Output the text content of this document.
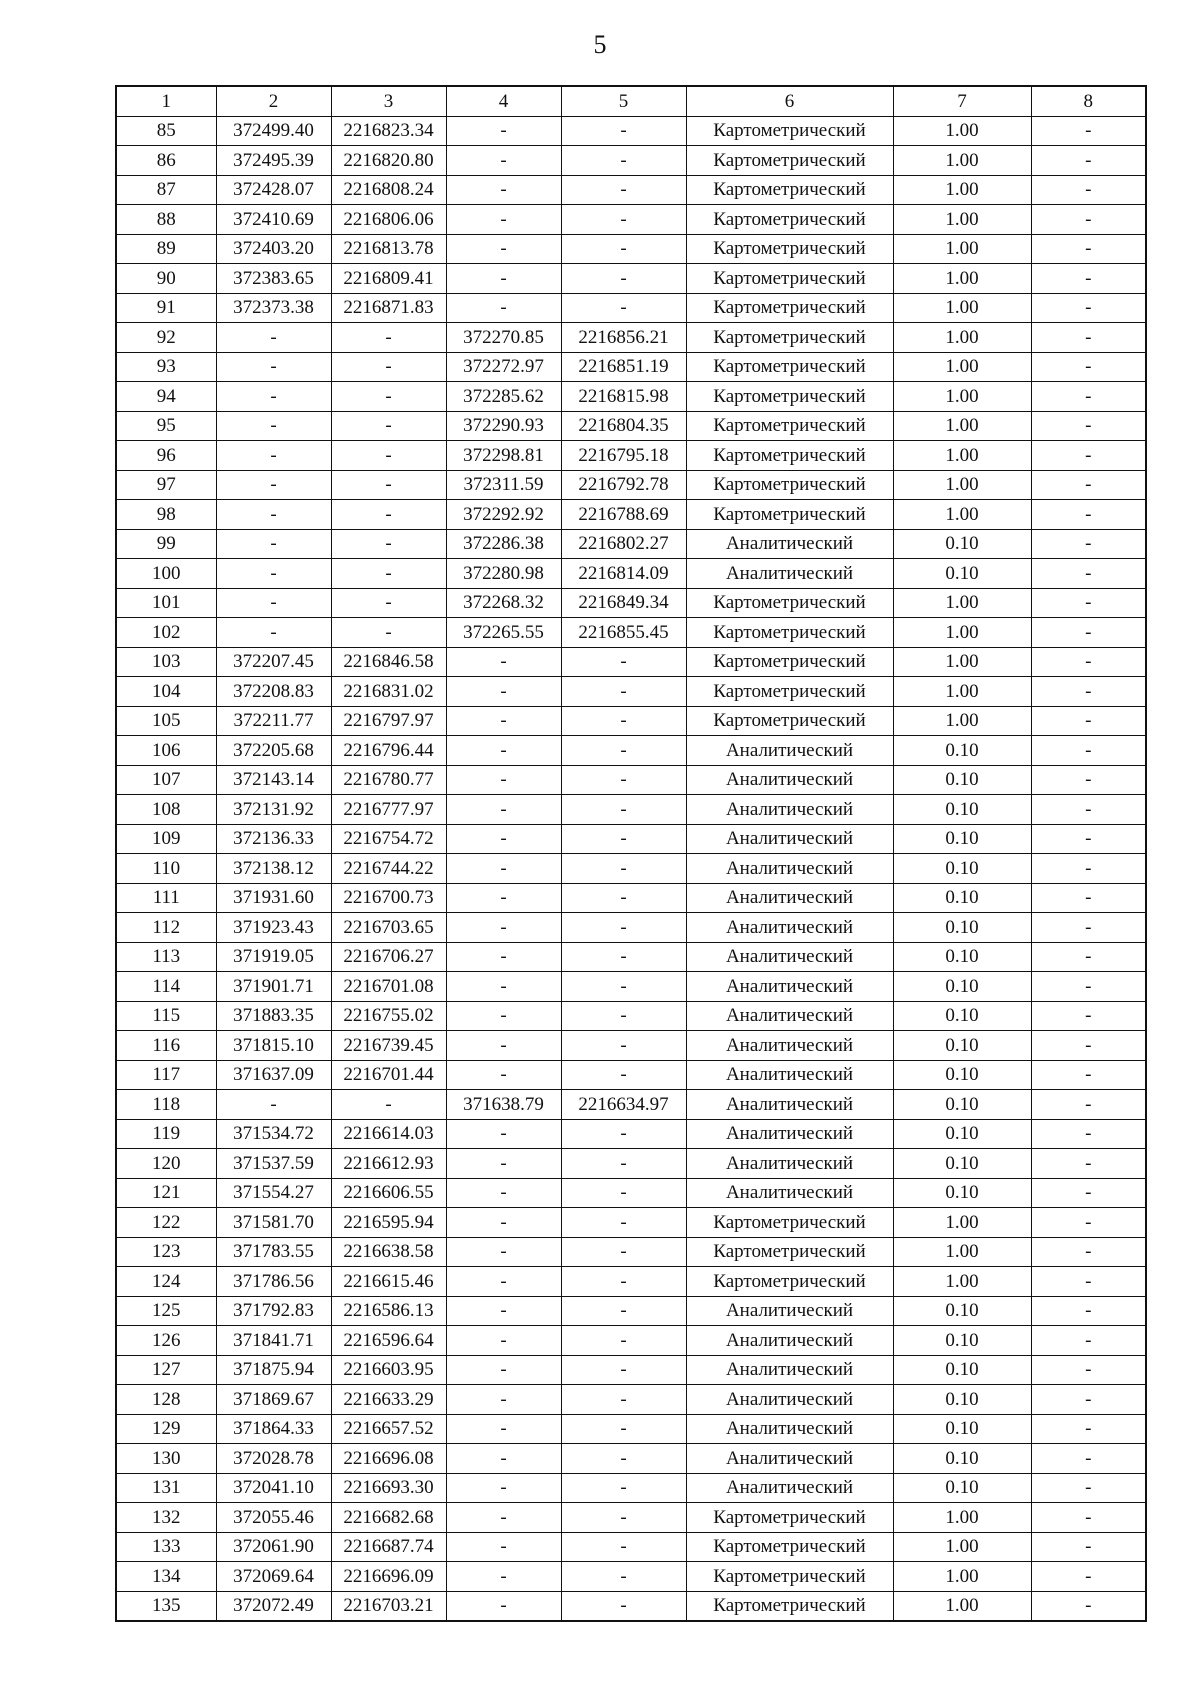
5
1	2	3	4	5	6	7	8
85	372499.40	2216823.34	-	-	Картометрический	1.00	-
86	372495.39	2216820.80	-	-	Картометрический	1.00	-
87	372428.07	2216808.24	-	-	Картометрический	1.00	-
88	372410.69	2216806.06	-	-	Картометрический	1.00	-
89	372403.20	2216813.78	-	-	Картометрический	1.00	-
90	372383.65	2216809.41	-	-	Картометрический	1.00	-
91	372373.38	2216871.83	-	-	Картометрический	1.00	-
92	-	-	372270.85	2216856.21	Картометрический	1.00	-
93	-	-	372272.97	2216851.19	Картометрический	1.00	-
94	-	-	372285.62	2216815.98	Картометрический	1.00	-
95	-	-	372290.93	2216804.35	Картометрический	1.00	-
96	-	-	372298.81	2216795.18	Картометрический	1.00	-
97	-	-	372311.59	2216792.78	Картометрический	1.00	-
98	-	-	372292.92	2216788.69	Картометрический	1.00	-
99	-	-	372286.38	2216802.27	Аналитический	0.10	-
100	-	-	372280.98	2216814.09	Аналитический	0.10	-
101	-	-	372268.32	2216849.34	Картометрический	1.00	-
102	-	-	372265.55	2216855.45	Картометрический	1.00	-
103	372207.45	2216846.58	-	-	Картометрический	1.00	-
104	372208.83	2216831.02	-	-	Картометрический	1.00	-
105	372211.77	2216797.97	-	-	Картометрический	1.00	-
106	372205.68	2216796.44	-	-	Аналитический	0.10	-
107	372143.14	2216780.77	-	-	Аналитический	0.10	-
108	372131.92	2216777.97	-	-	Аналитический	0.10	-
109	372136.33	2216754.72	-	-	Аналитический	0.10	-
110	372138.12	2216744.22	-	-	Аналитический	0.10	-
111	371931.60	2216700.73	-	-	Аналитический	0.10	-
112	371923.43	2216703.65	-	-	Аналитический	0.10	-
113	371919.05	2216706.27	-	-	Аналитический	0.10	-
114	371901.71	2216701.08	-	-	Аналитический	0.10	-
115	371883.35	2216755.02	-	-	Аналитический	0.10	-
116	371815.10	2216739.45	-	-	Аналитический	0.10	-
117	371637.09	2216701.44	-	-	Аналитический	0.10	-
118	-	-	371638.79	2216634.97	Аналитический	0.10	-
119	371534.72	2216614.03	-	-	Аналитический	0.10	-
120	371537.59	2216612.93	-	-	Аналитический	0.10	-
121	371554.27	2216606.55	-	-	Аналитический	0.10	-
122	371581.70	2216595.94	-	-	Картометрический	1.00	-
123	371783.55	2216638.58	-	-	Картометрический	1.00	-
124	371786.56	2216615.46	-	-	Картометрический	1.00	-
125	371792.83	2216586.13	-	-	Аналитический	0.10	-
126	371841.71	2216596.64	-	-	Аналитический	0.10	-
127	371875.94	2216603.95	-	-	Аналитический	0.10	-
128	371869.67	2216633.29	-	-	Аналитический	0.10	-
129	371864.33	2216657.52	-	-	Аналитический	0.10	-
130	372028.78	2216696.08	-	-	Аналитический	0.10	-
131	372041.10	2216693.30	-	-	Аналитический	0.10	-
132	372055.46	2216682.68	-	-	Картометрический	1.00	-
133	372061.90	2216687.74	-	-	Картометрический	1.00	-
134	372069.64	2216696.09	-	-	Картометрический	1.00	-
135	372072.49	2216703.21	-	-	Картометрический	1.00	-
